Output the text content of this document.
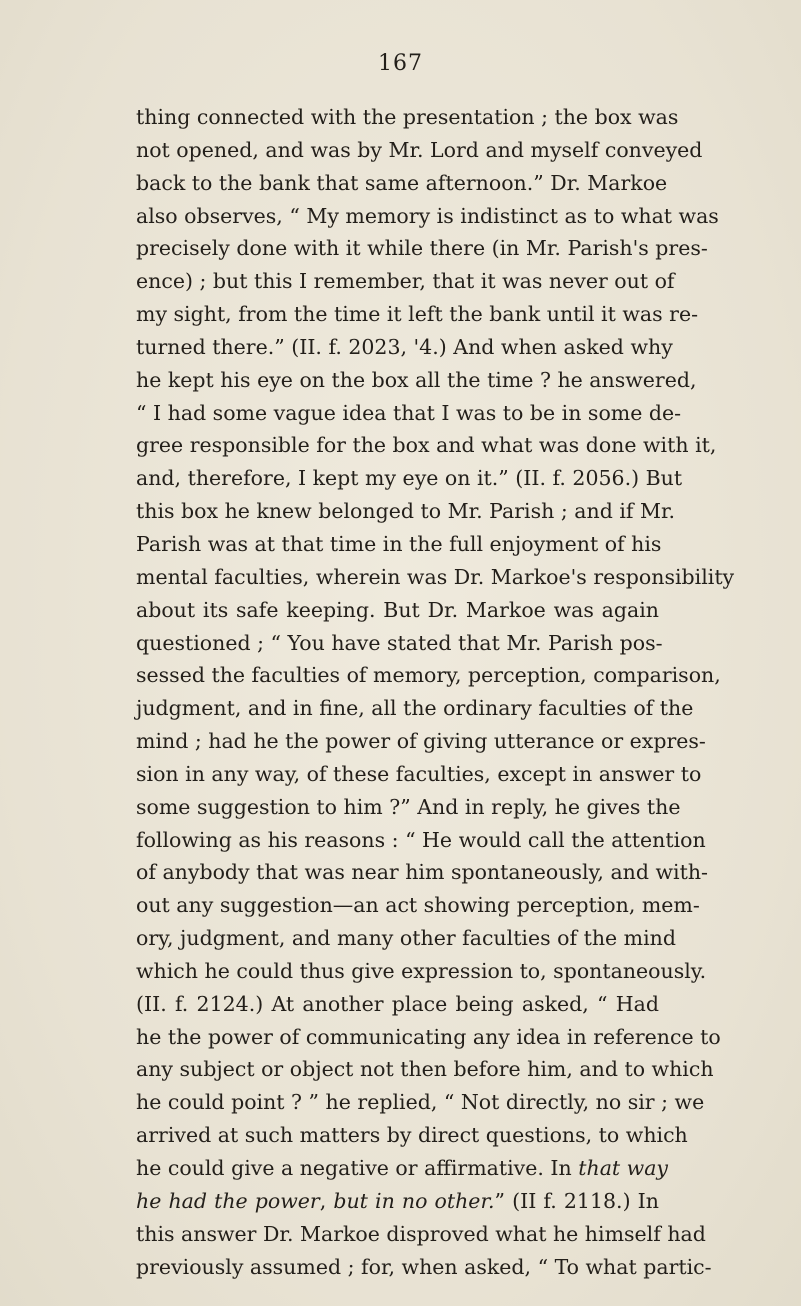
167
thing connected with the presentation ; the box was
not opened, and was by Mr. Lord and myself conveyed
back to the bank that same afternoon.” Dr. Markoe
also observes, “ My memory is indistinct as to what was
precisely done with it while there (in Mr. Parish's pres-
ence) ; but this I remember, that it was never out of
my sight, from the time it left the bank until it was re-
turned there.” (II. f. 2023, '4.) And when asked why
he kept his eye on the box all the time ? he answered,
“ I had some vague idea that I was to be in some de-
gree responsible for the box and what was done with it,
and, therefore, I kept my eye on it.” (II. f. 2056.) But
this box he knew belonged to Mr. Parish ; and if Mr.
Parish was at that time in the full enjoyment of his
mental faculties, wherein was Dr. Markoe's responsibility
about its safe keeping. But Dr. Markoe was again
questioned ; “ You have stated that Mr. Parish pos-
sessed the faculties of memory, perception, comparison,
judgment, and in fine, all the ordinary faculties of the
mind ; had he the power of giving utterance or expres-
sion in any way, of these faculties, except in answer to
some suggestion to him ?” And in reply, he gives the
following as his reasons : “ He would call the attention
of anybody that was near him spontaneously, and with-
out any suggestion—an act showing perception, mem-
ory, judgment, and many other faculties of the mind
which he could thus give expression to, spontaneously.
(II. f. 2124.) At another place being asked, “ Had
he the power of communicating any idea in reference to
any subject or object not then before him, and to which
he could point ? ” he replied, “ Not directly, no sir ; we
arrived at such matters by direct questions, to which
he could give a negative or affirmative. In that way
he had the power, but in no other.” (II f. 2118.) In
this answer Dr. Markoe disproved what he himself had
previously assumed ; for, when asked, “ To what partic-
